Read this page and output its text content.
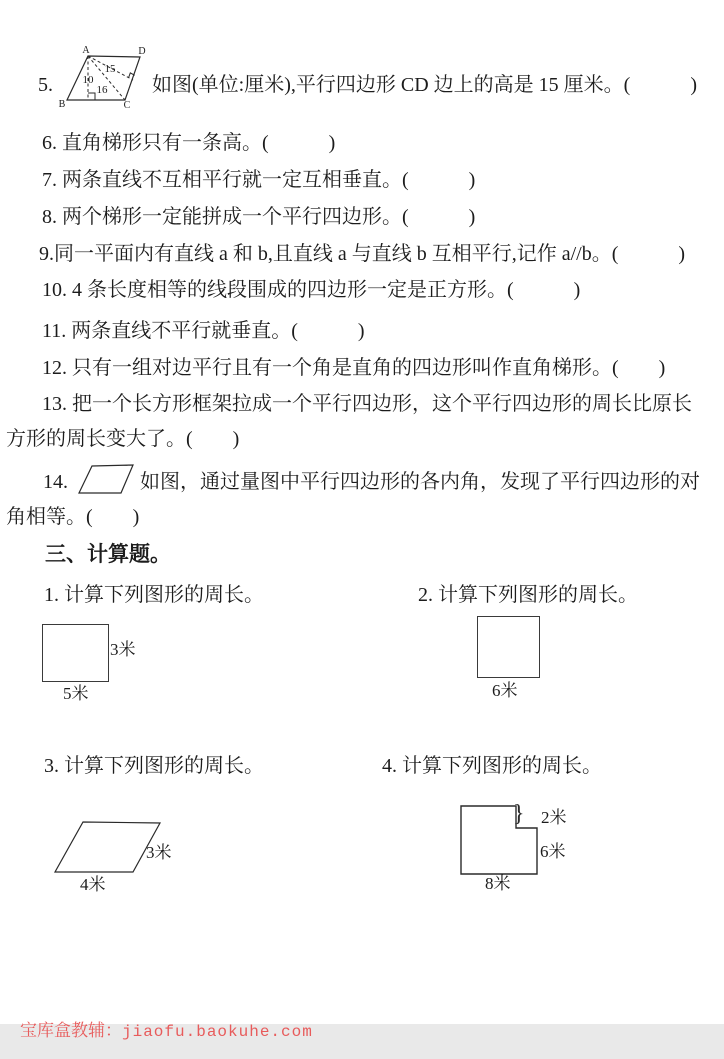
5.
A	D
B	C
15
10
16 如图(单位:厘米),平行四边形 CD 边上的高是 15 厘米。(　　　)
6. 直角梯形只有一条高。(　　　)
7. 两条直线不互相平行就一定互相垂直。(　　　)
8. 两个梯形一定能拼成一个平行四边形。(　　　)
9.同一平面内有直线 a 和 b,且直线 a 与直线 b 互相平行,记作 a//b。(　　　)
10. 4 条长度相等的线段围成的四边形一定是正方形。(　　　)
11. 两条直线不平行就垂直。(　　　)
12. 只有一组对边平行且有一个角是直角的四边形叫作直角梯形。(　　)
13. 把一个长方形框架拉成一个平行四边形，这个平行四边形的周长比原长
方形的周长变大了。(　　)
14.	如图，通过量图中平行四边形的各内角，发现了平行四边形的对
角相等。(　　)
三、计算题。
1. 计算下列图形的周长。
3米
5米
2. 计算下列图形的周长。
6米
3. 计算下列图形的周长。
3米
4米
4. 计算下列图形的周长。
} 2米
6米
8米

宝库盒教辅：jiaofu.baokuhe.com
